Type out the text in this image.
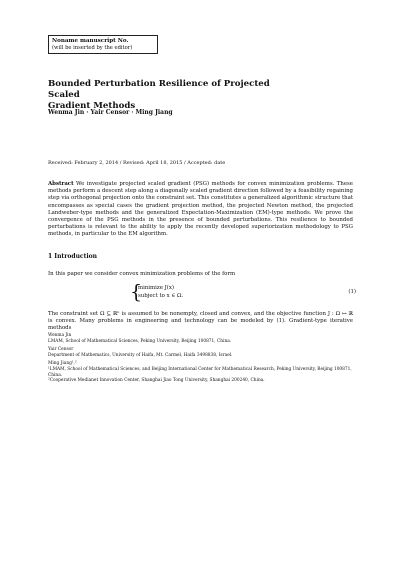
Noname manuscript No.
(will be inserted by the editor)
Bounded Perturbation Resilience of Projected Scaled
Gradient Methods
Wenma Jin · Yair Censor · Ming Jiang
Received: February 2, 2014 / Revised: April 18, 2015 / Accepted: date
Abstract We investigate projected scaled gradient (PSG) methods for convex minimization problems. These methods perform a descent step along a diagonally scaled gradient direction followed by a feasibility regaining step via orthogonal projection onto the constraint set. This constitutes a generalized algorithmic structure that encompasses as special cases the gradient projection method, the projected Newton method, the projected Landweber-type methods and the generalized Expectation-Maximization (EM)-type methods. We prove the convergence of the PSG methods in the presence of bounded perturbations. This resilience to bounded perturbations is relevant to the ability to apply the recently developed superiorization methodology to PSG methods, in particular to the EM algorithm.
1 Introduction
In this paper we consider convex minimization problems of the form
{
minimize J(x)
subject to x ∈ Ω.
(1)
The constraint set Ω ⊆ ℝⁿ is assumed to be nonempty, closed and convex, and the objective function J : Ω ↦ ℝ is convex. Many problems in engineering and technology can be modeled by (1). Gradient-type iterative methods
Wenma Jin
LMAM, School of Mathematical Sciences, Peking University, Beijing 100871, China.
Yair Censor
Department of Mathematics, University of Haifa, Mt. Carmel, Haifa 3498838, Israel.
Ming Jiang¹,²
¹LMAM, School of Mathematical Sciences, and Beijing International Center for Mathematical Research, Peking University, Beijing 100871, China.
²Cooperative Medianet Innovation Center, Shanghai Jiao Tong University, Shanghai 200240, China.
